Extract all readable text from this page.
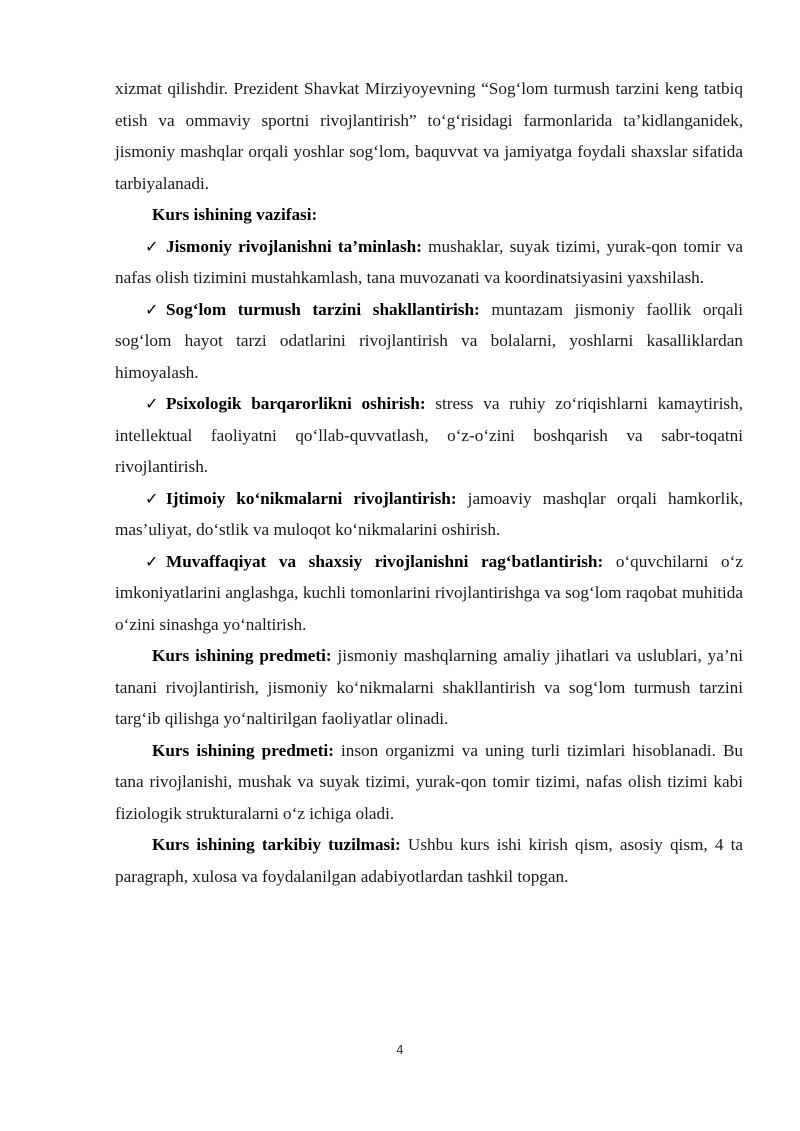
xizmat qilishdir. Prezident Shavkat Mirziyoyevning “Sog‘lom turmush tarzini keng tatbiq etish va ommaviy sportni rivojlantirish” to‘g‘risidagi farmonlarida ta’kidlanganidek, jismoniy mashqlar orqali yoshlar sog‘lom, baquvvat va jamiyatga foydali shaxslar sifatida tarbiyalanadi.

Kurs ishining vazifasi:

✓ Jismoniy rivojlanishni ta’minlash: mushaklar, suyak tizimi, yurak-qon tomir va nafas olish tizimini mustahkamlash, tana muvozanati va koordinatsiyasini yaxshilash.

✓ Sog‘lom turmush tarzini shakllantirish: muntazam jismoniy faollik orqali sog‘lom hayot tarzi odatlarini rivojlantirish va bolalarni, yoshlarni kasalliklardan himoyalash.

✓ Psixologik barqarorlikni oshirish: stress va ruhiy zo‘riqishlarni kamaytirish, intellektual faoliyatni qo‘llab-quvvatlash, o‘z-o‘zini boshqarish va sabr-toqatni rivojlantirish.

✓ Ijtimoiy ko‘nikmalarni rivojlantirish: jamoaviy mashqlar orqali hamkorlik, mas’uliyat, do‘stlik va muloqot ko‘nikmalarini oshirish.

✓ Muvaffaqiyat va shaxsiy rivojlanishni rag‘batlantirish: o‘quvchilarni o‘z imkoniyatlarini anglashga, kuchli tomonlarini rivojlantirishga va sog‘lom raqobat muhitida o‘zini sinashga yo‘naltirish.

Kurs ishining predmeti: jismoniy mashqlarning amaliy jihatlari va uslublari, ya’ni tanani rivojlantirish, jismoniy ko‘nikmalarni shakllantirish va sog‘lom turmush tarzini targ‘ib qilishga yo‘naltirilgan faoliyatlar olinadi.

Kurs ishining predmeti: inson organizmi va uning turli tizimlari hisoblanadi. Bu tana rivojlanishi, mushak va suyak tizimi, yurak-qon tomir tizimi, nafas olish tizimi kabi fiziologik strukturalarni o‘z ichiga oladi.

Kurs ishining tarkibiy tuzilmasi: Ushbu kurs ishi kirish qism, asosiy qism, 4 ta paragraph, xulosa va foydalanilgan adabiyotlardan tashkil topgan.

4
